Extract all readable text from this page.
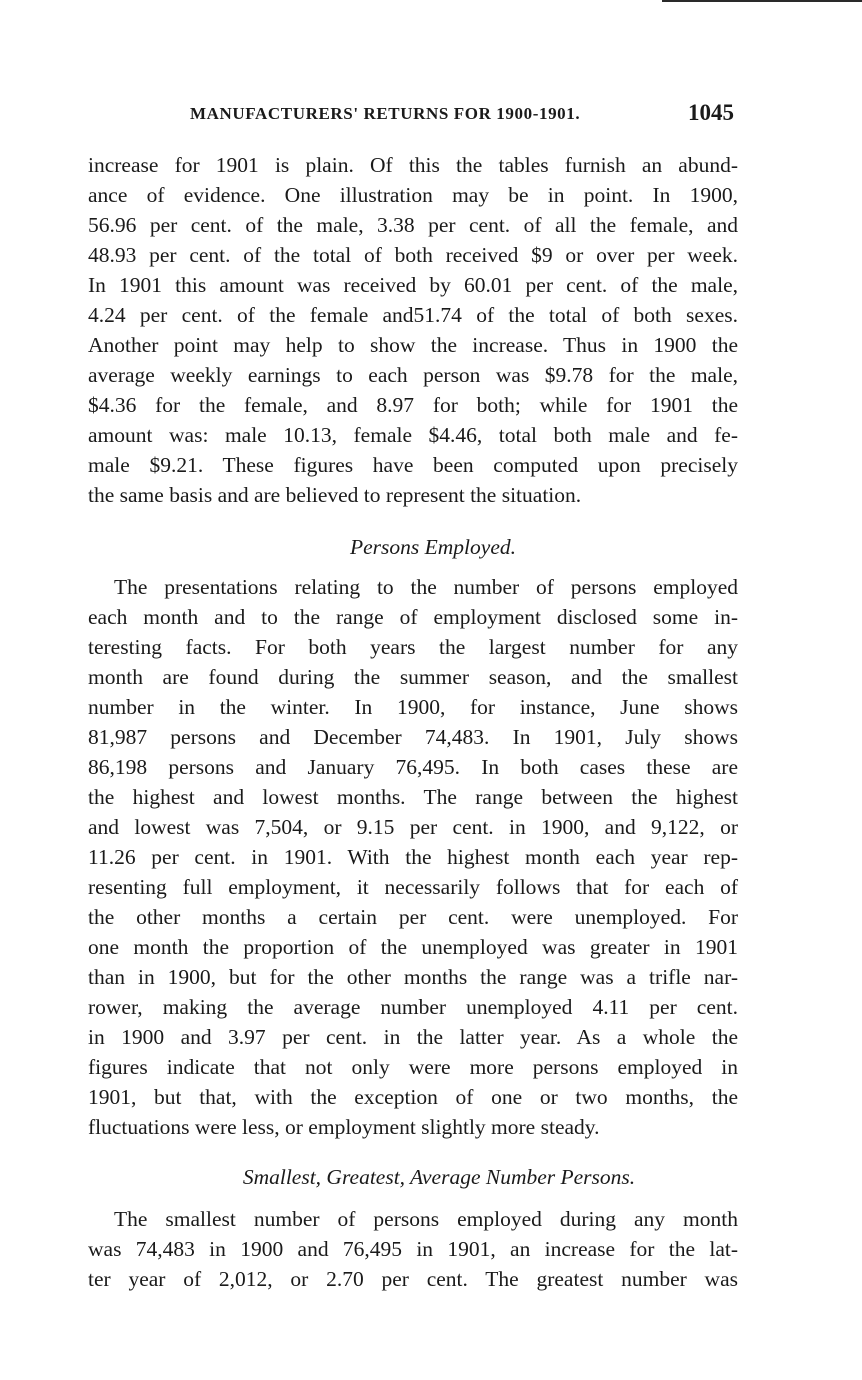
MANUFACTURERS' RETURNS FOR 1900-1901.	1045
increase for 1901 is plain. Of this the tables furnish an abund-
ance of evidence. One illustration may be in point. In 1900,
56.96 per cent. of the male, 3.38 per cent. of all the female, and
48.93 per cent. of the total of both received $9 or over per week.
In 1901 this amount was received by 60.01 per cent. of the male,
4.24 per cent. of the female and51.74 of the total of both sexes.
Another point may help to show the increase. Thus in 1900 the
average weekly earnings to each person was $9.78 for the male,
$4.36 for the female, and 8.97 for both; while for 1901 the
amount was: male 10.13, female $4.46, total both male and fe-
male $9.21. These figures have been computed upon precisely
the same basis and are believed to represent the situation.
Persons Employed.
The presentations relating to the number of persons employed
each month and to the range of employment disclosed some in-
teresting facts. For both years the largest number for any
month are found during the summer season, and the smallest
number in the winter. In 1900, for instance, June shows
81,987 persons and December 74,483. In 1901, July shows
86,198 persons and January 76,495. In both cases these are
the highest and lowest months. The range between the highest
and lowest was 7,504, or 9.15 per cent. in 1900, and 9,122, or
11.26 per cent. in 1901. With the highest month each year rep-
resenting full employment, it necessarily follows that for each of
the other months a certain per cent. were unemployed. For
one month the proportion of the unemployed was greater in 1901
than in 1900, but for the other months the range was a trifle nar-
rower, making the average number unemployed 4.11 per cent.
in 1900 and 3.97 per cent. in the latter year. As a whole the
figures indicate that not only were more persons employed in
1901, but that, with the exception of one or two months, the
fluctuations were less, or employment slightly more steady.
Smallest, Greatest, Average Number Persons.
The smallest number of persons employed during any month
was 74,483 in 1900 and 76,495 in 1901, an increase for the lat-
ter year of 2,012, or 2.70 per cent. The greatest number was
